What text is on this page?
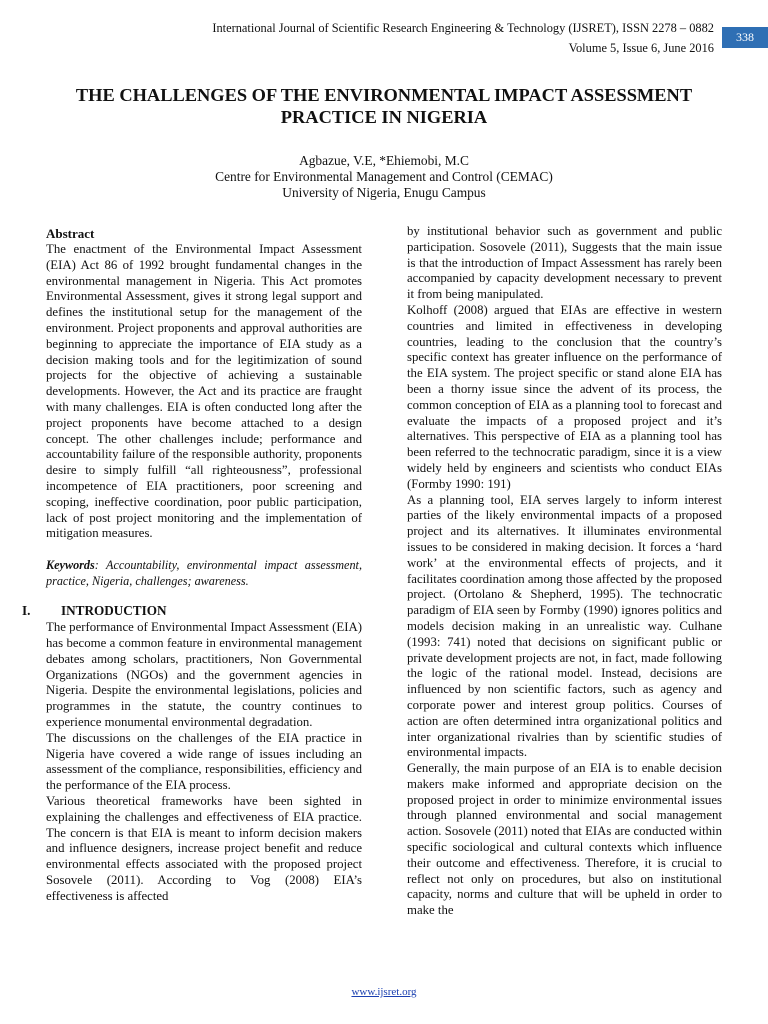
International Journal of Scientific Research Engineering & Technology (IJSRET), ISSN 2278 – 0882
Volume 5, Issue 6, June 2016
338
THE CHALLENGES OF THE ENVIRONMENTAL IMPACT ASSESSMENT PRACTICE IN NIGERIA
Agbazue, V.E, *Ehiemobi, M.C
Centre for Environmental Management and Control (CEMAC)
University of Nigeria, Enugu Campus
Abstract

The enactment of the Environmental Impact Assessment (EIA) Act 86 of 1992 brought fundamental changes in the environmental management in Nigeria. This Act promotes Environmental Assessment, gives it strong legal support and defines the institutional setup for the management of the environment. Project proponents and approval authorities are beginning to appreciate the importance of EIA study as a decision making tools and for the legitimization of sound projects for the objective of achieving a sustainable developments. However, the Act and its practice are fraught with many challenges. EIA is often conducted long after the project proponents have become attached to a design concept. The other challenges include; performance and accountability failure of the responsible authority, proponents desire to simply fulfill “all righteousness”, professional incompetence of EIA practitioners, poor screening and scoping, ineffective coordination, poor public participation, lack of post project monitoring and the implementation of mitigation measures.

Keywords: Accountability, environmental impact assessment, practice, Nigeria, challenges; awareness.

I.	INTRODUCTION

The performance of Environmental Impact Assessment (EIA) has become a common feature in environmental management debates among scholars, practitioners, Non Governmental Organizations (NGOs) and the government agencies in Nigeria. Despite the environmental legislations, policies and programmes in the statute, the country continues to experience monumental environmental degradation.

The discussions on the challenges of the EIA practice in Nigeria have covered a wide range of issues including an assessment of the compliance, responsibilities, efficiency and the performance of the EIA process.

Various theoretical frameworks have been sighted in explaining the challenges and effectiveness of EIA practice. The concern is that EIA is meant to inform decision makers and influence designers, increase project benefit and reduce environmental effects associated with the proposed project Sosovele (2011). According to Vog (2008) EIA’s effectiveness is affected

by institutional behavior such as government and public participation. Sosovele (2011), Suggests that the main issue is that the introduction of Impact Assessment has rarely been accompanied by capacity development necessary to prevent it from being manipulated.

Kolhoff (2008) argued that EIAs are effective in western countries and limited in effectiveness in developing countries, leading to the conclusion that the country’s specific context has greater influence on the performance of the EIA system. The project specific or stand alone EIA has been a thorny issue since the advent of its process, the common conception of EIA as a planning tool to forecast and evaluate the impacts of a proposed project and it’s alternatives. This perspective of EIA as a planning tool has been referred to the technocratic paradigm, since it is a view widely held by engineers and scientists who conduct EIAs (Formby 1990: 191)

As a planning tool, EIA serves largely to inform interest parties of the likely environmental impacts of a proposed project and its alternatives. It illuminates environmental issues to be considered in making decision. It forces a ‘hard work’ at the environmental effects of projects, and it facilitates coordination among those affected by the proposed project. (Ortolano & Shepherd, 1995). The technocratic paradigm of EIA seen by Formby (1990) ignores politics and models decision making in an unrealistic way. Culhane (1993: 741) noted that decisions on significant public or private development projects are not, in fact, made following the logic of the rational model. Instead, decisions are influenced by non scientific factors, such as agency and corporate power and interest group politics. Courses of action are often determined intra organizational politics and inter organizational rivalries than by scientific studies of environmental impacts.

Generally, the main purpose of an EIA is to enable decision makers make informed and appropriate decision on the proposed project in order to minimize environmental issues through planned environmental and social management action. Sosovele (2011) noted that EIAs are conducted within specific sociological and cultural contexts which influence their outcome and effectiveness. Therefore, it is crucial to reflect not only on procedures, but also on institutional capacity, norms and culture that will be upheld in order to make the

www.ijsret.org
